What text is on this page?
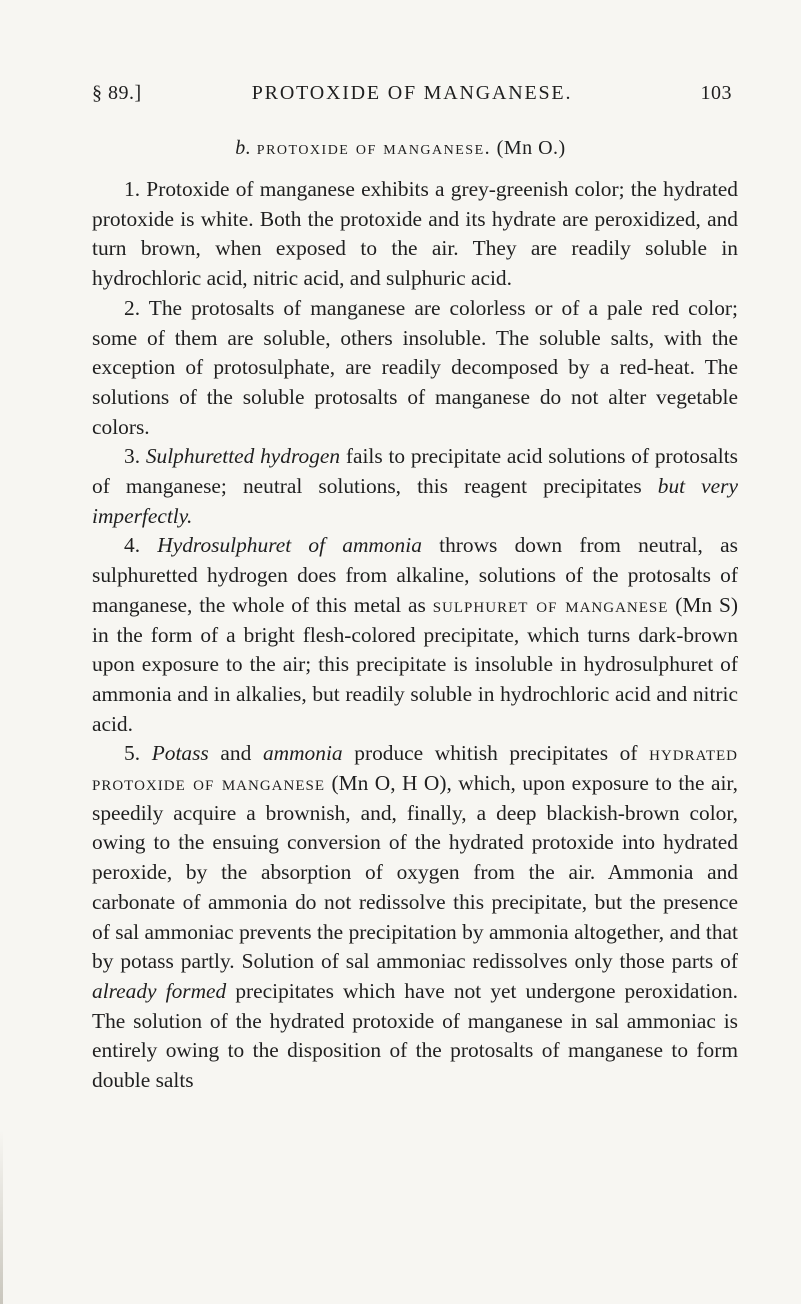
§ 89.]	PROTOXIDE OF MANGANESE.	103
b. protoxide of manganese. (Mn O.)

1. Protoxide of manganese exhibits a grey-greenish color; the hydrated protoxide is white. Both the protoxide and its hydrate are peroxidized, and turn brown, when exposed to the air. They are readily soluble in hydrochloric acid, nitric acid, and sulphuric acid.

2. The protosalts of manganese are colorless or of a pale red color; some of them are soluble, others insoluble. The soluble salts, with the exception of protosulphate, are readily decomposed by a red-heat. The solutions of the soluble protosalts of manganese do not alter vegetable colors.

3. Sulphuretted hydrogen fails to precipitate acid solutions of protosalts of manganese; neutral solutions, this reagent precipitates but very imperfectly.

4. Hydrosulphuret of ammonia throws down from neutral, as sulphuretted hydrogen does from alkaline, solutions of the protosalts of manganese, the whole of this metal as sulphuret of manganese (Mn S) in the form of a bright flesh-colored precipitate, which turns dark-brown upon exposure to the air; this precipitate is insoluble in hydrosulphuret of ammonia and in alkalies, but readily soluble in hydrochloric acid and nitric acid.

5. Potass and ammonia produce whitish precipitates of hydrated protoxide of manganese (Mn O, H O), which, upon exposure to the air, speedily acquire a brownish, and, finally, a deep blackish-brown color, owing to the ensuing conversion of the hydrated protoxide into hydrated peroxide, by the absorption of oxygen from the air. Ammonia and carbonate of ammonia do not redissolve this precipitate, but the presence of sal ammoniac prevents the precipitation by ammonia altogether, and that by potass partly. Solution of sal ammoniac redissolves only those parts of already formed precipitates which have not yet undergone peroxidation. The solution of the hydrated protoxide of manganese in sal ammoniac is entirely owing to the disposition of the protosalts of manganese to form double salts
